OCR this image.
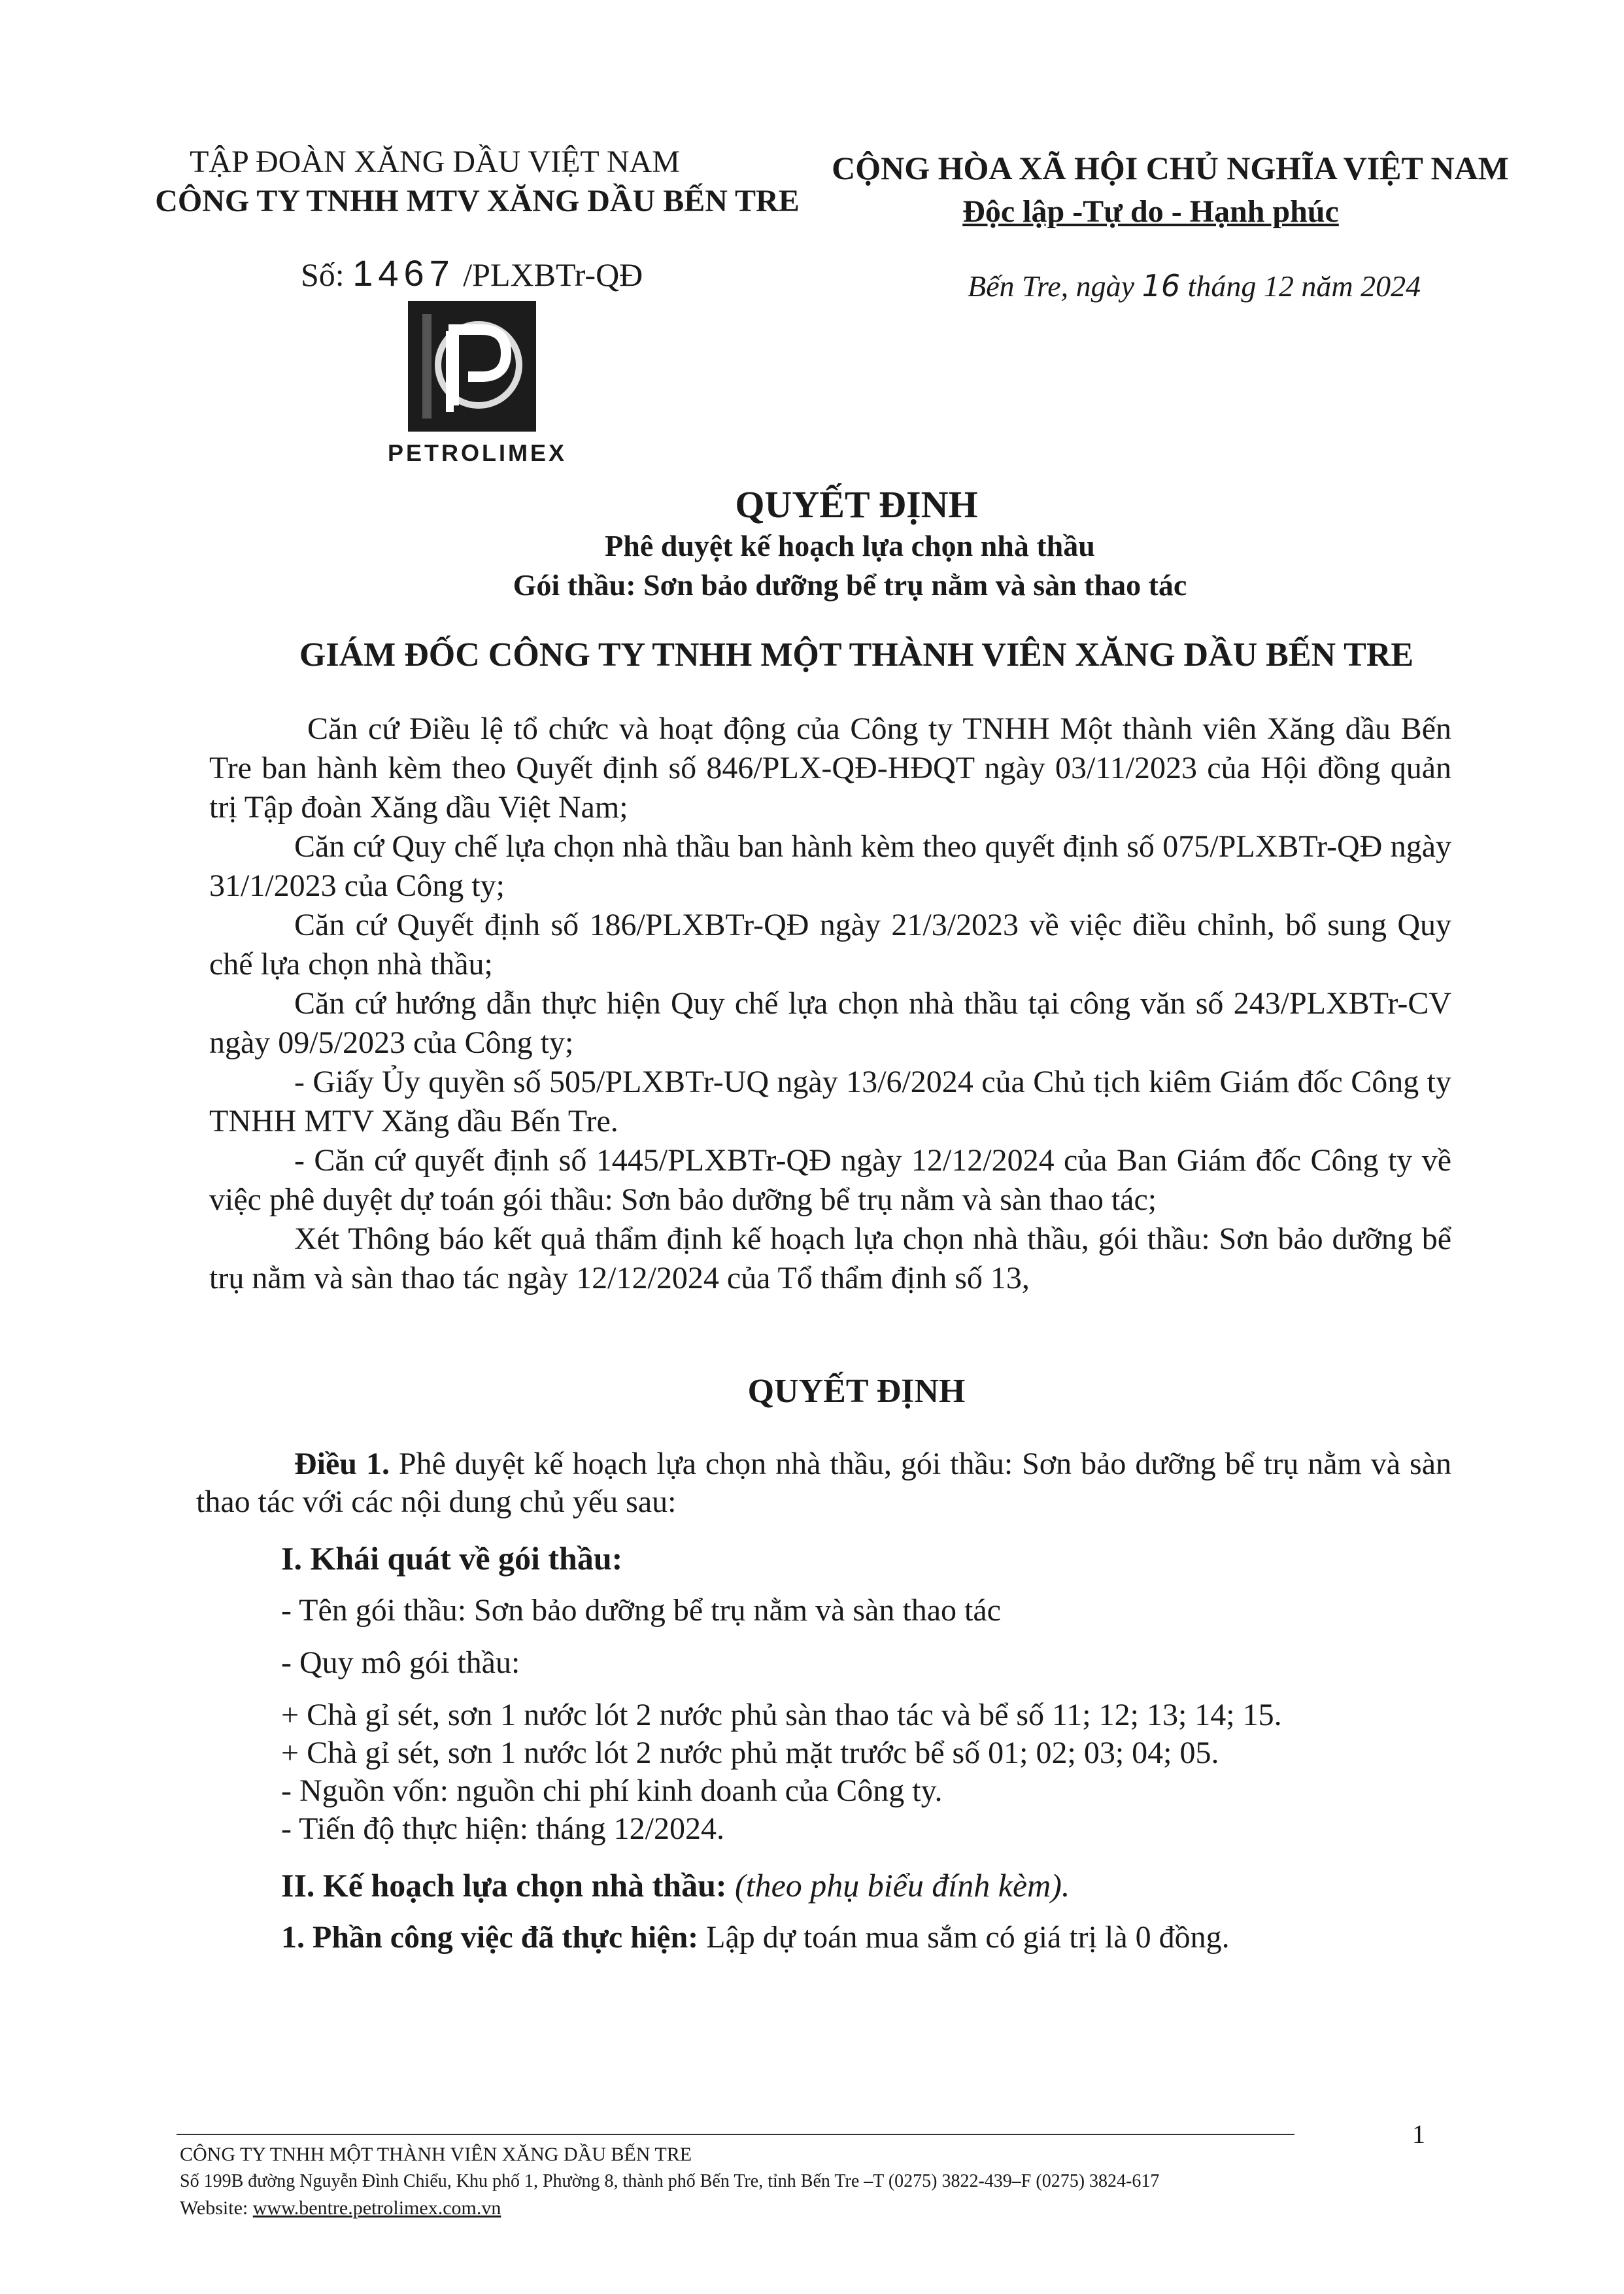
TẬP ĐOÀN XĂNG DẦU VIỆT NAM
CÔNG TY TNHH MTV XĂNG DẦU BẾN TRE
CỘNG HÒA XÃ HỘI CHỦ NGHĨA VIỆT NAM
Độc lập -Tự do - Hạnh phúc
Số: 1467 /PLXBTr-QĐ	Bến Tre, ngày 16 tháng 12 năm 2024
PETROLIMEX
QUYẾT ĐỊNH
Phê duyệt kế hoạch lựa chọn nhà thầu
Gói thầu: Sơn bảo dưỡng bể trụ nằm và sàn thao tác
GIÁM ĐỐC CÔNG TY TNHH MỘT THÀNH VIÊN XĂNG DẦU BẾN TRE

Căn cứ Điều lệ tổ chức và hoạt động của Công ty TNHH Một thành viên Xăng dầu Bến Tre ban hành kèm theo Quyết định số 846/PLX-QĐ-HĐQT ngày 03/11/2023 của Hội đồng quản trị Tập đoàn Xăng dầu Việt Nam;

Căn cứ Quy chế lựa chọn nhà thầu ban hành kèm theo quyết định số 075/PLXBTr-QĐ ngày 31/1/2023 của Công ty;

Căn cứ Quyết định số 186/PLXBTr-QĐ ngày 21/3/2023 về việc điều chỉnh, bổ sung Quy chế lựa chọn nhà thầu;

Căn cứ hướng dẫn thực hiện Quy chế lựa chọn nhà thầu tại công văn số 243/PLXBTr-CV ngày 09/5/2023 của Công ty;

- Giấy Ủy quyền số 505/PLXBTr-UQ ngày 13/6/2024 của Chủ tịch kiêm Giám đốc Công ty TNHH MTV Xăng dầu Bến Tre.

- Căn cứ quyết định số 1445/PLXBTr-QĐ ngày 12/12/2024 của Ban Giám đốc Công ty về việc phê duyệt dự toán gói thầu: Sơn bảo dưỡng bể trụ nằm và sàn thao tác;

Xét Thông báo kết quả thẩm định kế hoạch lựa chọn nhà thầu, gói thầu: Sơn bảo dưỡng bể trụ nằm và sàn thao tác ngày 12/12/2024 của Tổ thẩm định số 13,

QUYẾT ĐỊNH

Điều 1. Phê duyệt kế hoạch lựa chọn nhà thầu, gói thầu: Sơn bảo dưỡng bể trụ nằm và sàn thao tác với các nội dung chủ yếu sau:

I. Khái quát về gói thầu:

- Tên gói thầu: Sơn bảo dưỡng bể trụ nằm và sàn thao tác

- Quy mô gói thầu:

+ Chà gỉ sét, sơn 1 nước lót 2 nước phủ sàn thao tác và bể số 11; 12; 13; 14; 15.

+ Chà gỉ sét, sơn 1 nước lót 2 nước phủ mặt trước bể số 01; 02; 03; 04; 05.

- Nguồn vốn: nguồn chi phí kinh doanh của Công ty.

- Tiến độ thực hiện: tháng 12/2024.

II. Kế hoạch lựa chọn nhà thầu: (theo phụ biểu đính kèm).

1. Phần công việc đã thực hiện: Lập dự toán mua sắm có giá trị là 0 đồng.

1
CÔNG TY TNHH MỘT THÀNH VIÊN XĂNG DẦU BẾN TRE
Số 199B đường Nguyễn Đình Chiểu, Khu phố 1, Phường 8, thành phố Bến Tre, tỉnh Bến Tre –T (0275) 3822-439–F (0275) 3824-617
Website: www.bentre.petrolimex.com.vn
